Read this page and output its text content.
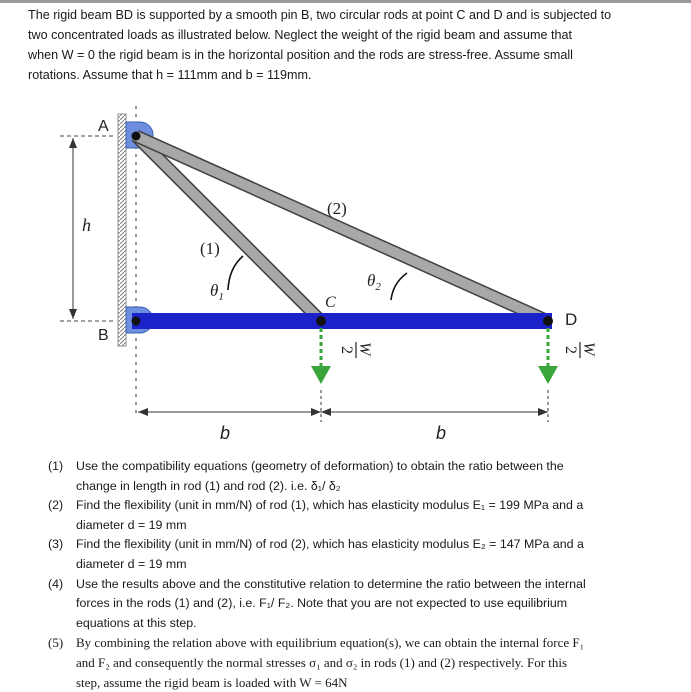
The rigid beam BD is supported by a smooth pin B, two circular rods at point C and D and is subjected to
two concentrated loads as illustrated below. Neglect the weight of the rigid beam and assume that
when W = 0 the rigid beam is in the horizontal position and the rods are stress-free. Assume small
rotations. Assume that h = 111mm and b = 119mm.
h
A
B
C
D
(1)
(2)
$\theta_1$
$\theta_2$
W
2	W
2
b	b
(1) Use the compatibility equations (geometry of deformation) to obtain the ratio between the
change in length in rod (1) and rod (2). i.e. δ₁/ δ₂
(2) Find the flexibility (unit in mm/N) of rod (1), which has elasticity modulus E₁ = 199 MPa and a
diameter d = 19 mm
(3) Find the flexibility (unit in mm/N) of rod (2), which has elasticity modulus E₂ = 147 MPa and a
diameter d = 19 mm
(4) Use the results above and the constitutive relation to determine the ratio between the internal
forces in the rods (1) and (2), i.e. F₁/ F₂. Note that you are not expected to use equilibrium
equations at this step.
(5) By combining the relation above with equilibrium equation(s), we can obtain the internal force F₁
and F₂ and consequently the normal stresses σ₁ and σ₂ in rods (1) and (2) respectively. For this
step, assume the rigid beam is loaded with W = 64N
